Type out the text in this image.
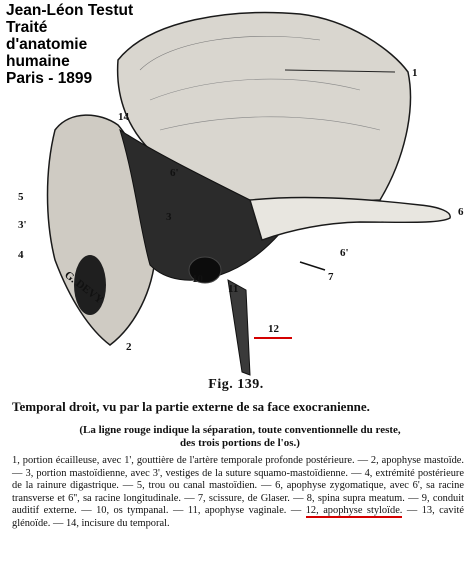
G. DEVY
1
14
6'
3
5
3'
4
2
6
6'
7
10
11
12
Jean-Léon Testut
Traité
d'anatomie
humaine
Paris - 1899
Fig. 139.
Temporal droit, vu par la partie externe de sa face exocranienne.
(La ligne rouge indique la séparation, toute conventionnelle du reste,
des trois portions de l'os.)
1, portion écailleuse, avec 1', gouttière de l'artère temporale profonde postérieure. — 2, apophyse mastoïde. — 3, portion mastoïdienne, avec 3', vestiges de la suture squamo-mastoïdienne. — 4, extrémité postérieure de la rainure digastrique. — 5, trou ou canal mastoïdien. — 6, apophyse zygomatique, avec 6', sa racine transverse et 6'', sa racine longitudinale. — 7, scissure, de Glaser. — 8, spina supra meatum. — 9, conduit auditif externe. — 10, os tympanal. — 11, apophyse vaginale. — 12, apophyse styloïde. — 13, cavité glénoïde. — 14, incisure du temporal.
